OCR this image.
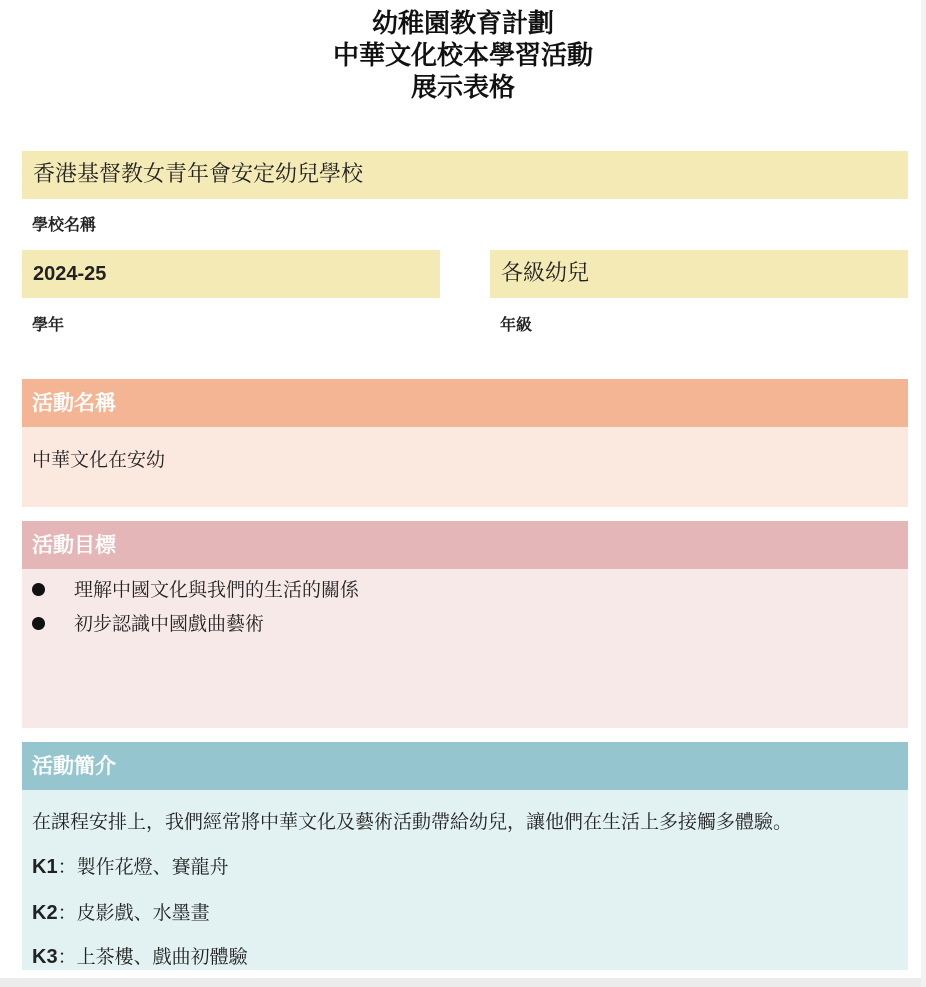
幼稚園教育計劃
中華文化校本學習活動
展示表格
香港基督教女青年會安定幼兒學校
學校名稱
2024-25
學年
各級幼兒
年級
活動名稱
中華文化在安幼
活動目標
理解中國文化與我們的生活的關係
初步認識中國戲曲藝術
活動簡介
在課程安排上，我們經常將中華文化及藝術活動帶給幼兒，讓他們在生活上多接觸多體驗。
K1：製作花燈、賽龍舟
K2：皮影戲、水墨畫
K3：上茶樓、戲曲初體驗
